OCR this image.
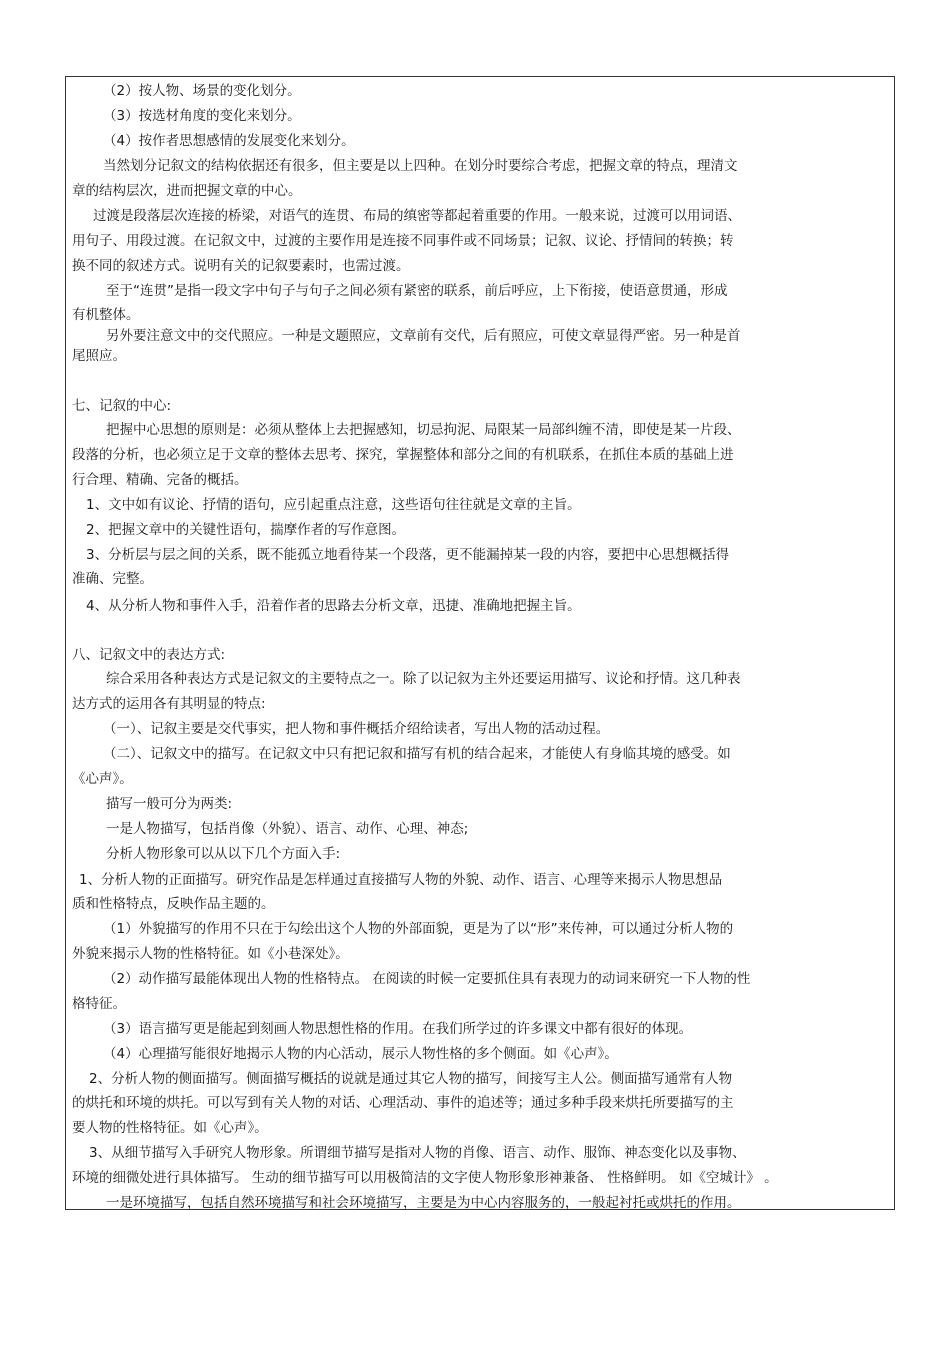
（2）按人物、场景的变化划分。
（3）按选材角度的变化来划分。
（4）按作者思想感情的发展变化来划分。
当然划分记叙文的结构依据还有很多，但主要是以上四种。在划分时要综合考虑，把握文章的特点，理清文
章的结构层次，进而把握文章的中心。
过渡是段落层次连接的桥梁，对语气的连贯、布局的缜密等都起着重要的作用。一般来说，过渡可以用词语、
用句子、用段过渡。在记叙文中，过渡的主要作用是连接不同事件或不同场景；记叙、议论、抒情间的转换；转
换不同的叙述方式。说明有关的记叙要素时，也需过渡。
至于“连贯”是指一段文字中句子与句子之间必须有紧密的联系，前后呼应，上下衔接，使语意贯通，形成
有机整体。
另外要注意文中的交代照应。一种是文题照应，文章前有交代，后有照应，可使文章显得严密。另一种是首
尾照应。
七、记叙的中心:
把握中心思想的原则是：必须从整体上去把握感知，切忌拘泥、局限某一局部纠缠不清，即使是某一片段、
段落的分析，也必须立足于文章的整体去思考、探究，掌握整体和部分之间的有机联系，在抓住本质的基础上进
行合理、精确、完备的概括。
1、文中如有议论、抒情的语句，应引起重点注意，这些语句往往就是文章的主旨。
2、把握文章中的关键性语句，揣摩作者的写作意图。
3、分析层与层之间的关系，既不能孤立地看待某一个段落，更不能漏掉某一段的内容，要把中心思想概括得
准确、完整。
4、从分析人物和事件入手，沿着作者的思路去分析文章，迅捷、准确地把握主旨。
八、记叙文中的表达方式:
综合采用各种表达方式是记叙文的主要特点之一。除了以记叙为主外还要运用描写、议论和抒情。这几种表
达方式的运用各有其明显的特点:
（一）、记叙主要是交代事实，把人物和事件概括介绍给读者，写出人物的活动过程。
（二）、记叙文中的描写。在记叙文中只有把记叙和描写有机的结合起来，才能使人有身临其境的感受。如
《心声》。
描写一般可分为两类:
一是人物描写，包括肖像（外貌）、语言、动作、心理、神态;
分析人物形象可以从以下几个方面入手:
1、分析人物的正面描写。研究作品是怎样通过直接描写人物的外貌、动作、语言、心理等来揭示人物思想品
质和性格特点，反映作品主题的。
（1）外貌描写的作用不只在于勾绘出这个人物的外部面貌，更是为了以“形”来传神，可以通过分析人物的
外貌来揭示人物的性格特征。如《小巷深处》。
（2）动作描写最能体现出人物的性格特点。 在阅读的时候一定要抓住具有表现力的动词来研究一下人物的性
格特征。
（3）语言描写更是能起到刻画人物思想性格的作用。在我们所学过的许多课文中都有很好的体现。
（4）心理描写能很好地揭示人物的内心活动，展示人物性格的多个侧面。如《心声》。
2、分析人物的侧面描写。侧面描写概括的说就是通过其它人物的描写，间接写主人公。侧面描写通常有人物
的烘托和环境的烘托。可以写到有关人物的对话、心理活动、事件的追述等；通过多种手段来烘托所要描写的主
要人物的性格特征。如《心声》。
3、从细节描写入手研究人物形象。所谓细节描写是指对人物的肖像、语言、动作、服饰、神态变化以及事物、
环境的细微处进行具体描写。 生动的细节描写可以用极简洁的文字使人物形象形神兼备、 性格鲜明。 如《空城计》 。
一是环境描写，包括自然环境描写和社会环境描写，主要是为中心内容服务的，一般起衬托或烘托的作用。
